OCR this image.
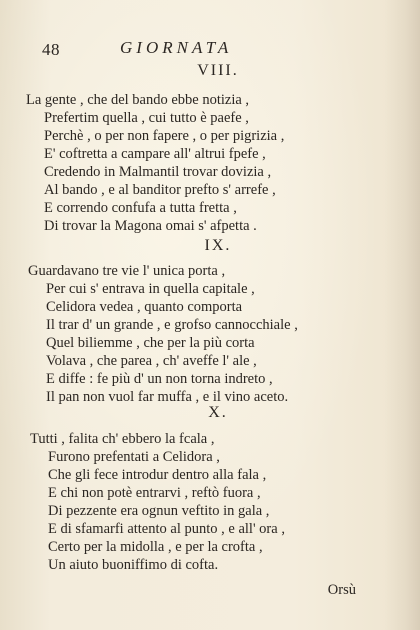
48	GIORNATA
VIII.
La gente , che del bando ebbe notizia ,
Prefertim quella , cui tutto è paefe ,
Perchè , o per non fapere , o per pigrizia ,
E' coftretta a campare all' altrui fpefe ,
Credendo in Malmantil trovar dovizia ,
Al bando , e al banditor prefto s' arrefe ,
E correndo confufa a tutta fretta ,
Di trovar la Magona omai s' afpetta .
IX.
Guardavano tre vie l' unica porta ,
Per cui s' entrava in quella capitale ,
Celidora vedea , quanto comporta
Il trar d' un grande , e grofso cannocchiale ,
Quel biliemme , che per la più corta
Volava , che parea , ch' aveffe l' ale ,
E diffe : fe più d' un non torna indreto ,
Il pan non vuol far muffa , e il vino aceto.
X.
Tutti , falita ch' ebbero la fcala ,
Furono prefentati a Celidora ,
Che gli fece introdur dentro alla fala ,
E chi non potè entrarvi , reftò fuora ,
Di pezzente era ognun veftito in gala ,
E di sfamarfi attento al punto , e all' ora ,
Certo per la midolla , e per la crofta ,
Un aiuto buoniffimo di cofta.
Orsù
